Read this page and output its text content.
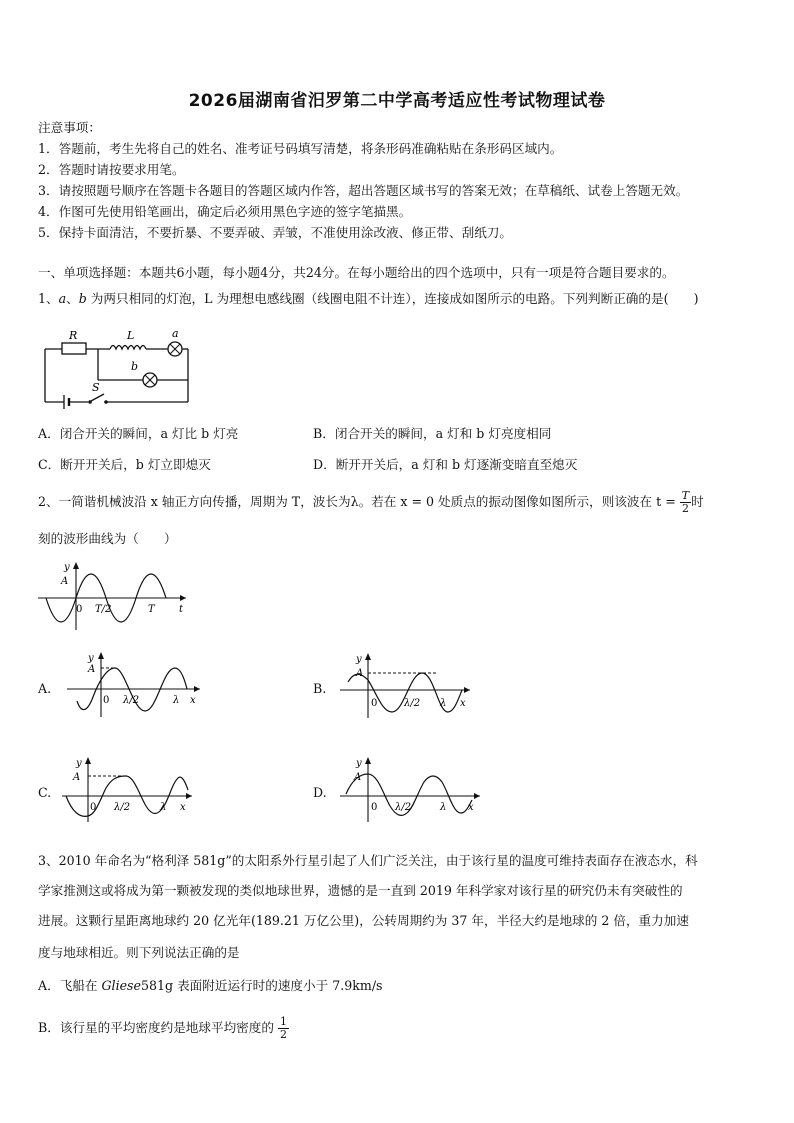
2026届湖南省汨罗第二中学高考适应性考试物理试卷
注意事项：
1．答题前，考生先将自己的姓名、准考证号码填写清楚，将条形码准确粘贴在条形码区域内。
2．答题时请按要求用笔。
3．请按照题号顺序在答题卡各题目的答题区域内作答，超出答题区域书写的答案无效；在草稿纸、试卷上答题无效。
4．作图可先使用铅笔画出，确定后必须用黑色字迹的签字笔描黑。
5．保持卡面清洁，不要折暴、不要弄破、弄皱，不准使用涂改液、修正带、刮纸刀。
一、单项选择题：本题共6小题，每小题4分，共24分。在每小题给出的四个选项中，只有一项是符合题目要求的。
1、a、b 为两只相同的灯泡，L 为理想电感线圈（线圈电阻不计连），连接成如图所示的电路。下列判断正确的是(　　)
R	L	a
b
S
A．闭合开关的瞬间，a 灯比 b 灯亮	B．闭合开关的瞬间，a 灯和 b 灯亮度相同
C．断开开关后，b 灯立即熄灭	D．断开开关后，a 灯和 b 灯逐渐变暗直至熄灭
2、一简谐机械波沿 x 轴正方向传播，周期为 T，波长为λ。若在 x = 0 处质点的振动图像如图所示，则该波在 $t = \frac{T}{2}$ 时
刻的波形曲线为（　　）
y
A
0 T/2	T t
A.
y
A
0 λ/2	λ x
B.
y
A
0	λ/2 λ x
C.
y
A
0 λ/2	λ x
D.
y
A
0 λ/2	λ x
3、2010 年命名为“格利泽 581g”的太阳系外行星引起了人们广泛关注，由于该行星的温度可维持表面存在液态水，科
学家推测这或将成为第一颗被发现的类似地球世界，遗憾的是一直到 2019 年科学家对该行星的研究仍未有突破性的
进展。这颗行星距离地球约 20 亿光年(189.21 万亿公里)，公转周期约为 37 年，半径大约是地球的 2 倍，重力加速
度与地球相近。则下列说法正确的是
A．飞船在 Gliese581g 表面附近运行时的速度小于 7.9km/s
B．该行星的平均密度约是地球平均密度的 $\frac{1}{2}$
